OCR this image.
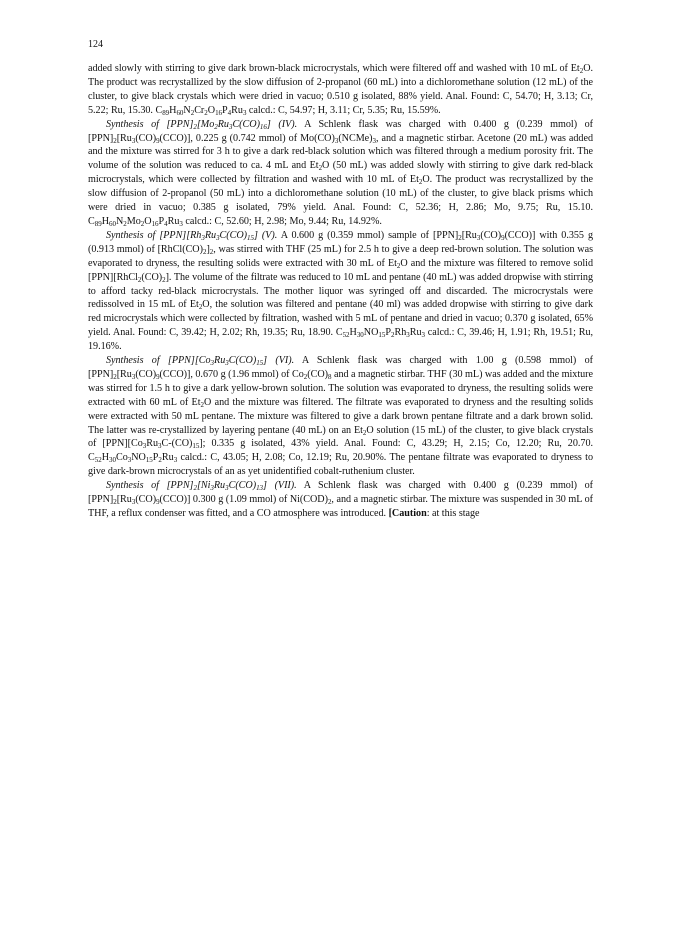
124

added slowly with stirring to give dark brown-black microcrystals, which were filtered off and washed with 10 mL of $Et_2O$. The product was recrystallized by the slow diffusion of 2-propanol (60 mL) into a dichloromethane solution (12 mL) of the cluster, to give black crystals which were dried in vacuo; 0.510 g isolated, 88% yield. Anal. Found: C, 54.70; H, 3.13; Cr, 5.22; Ru, 15.30. $C_{89}H_{60}N_2Cr_2O_{16}P_4Ru_3$ calcd.: C, 54.97; H, 3.11; Cr, 5.35; Ru, 15.59%.

Synthesis of $[PPN]_2[Mo_2Ru_3C(CO)_{16}]$ (IV). A Schlenk flask was charged with 0.400 g (0.239 mmol) of $[PPN]_2[Ru_3(CO)_9(CCO)]$, 0.225 g (0.742 mmol) of $Mo(CO)_3(NCMe)_3$, and a magnetic stirbar. Acetone (20 mL) was added and the mixture was stirred for 3 h to give a dark red-black solution which was filtered through a medium porosity frit. The volume of the solution was reduced to ca. 4 mL and $Et_2O$ (50 mL) was added slowly with stirring to give dark red-black microcrystals, which were collected by filtration and washed with 10 mL of $Et_2O$. The product was recrystallized by the slow diffusion of 2-propanol (50 mL) into a dichloromethane solution (10 mL) of the cluster, to give black prisms which were dried in vacuo; 0.385 g isolated, 79% yield. Anal. Found: C, 52.36; H, 2.86; Mo, 9.75; Ru, 15.10. $C_{89}H_{60}N_2Mo_2O_{16}P_4Ru_3$ calcd.: C, 52.60; H, 2.98; Mo, 9.44; Ru, 14.92%.

Synthesis of $[PPN][Rh_3Ru_3C(CO)_{15}]$ (V). A 0.600 g (0.359 mmol) sample of $[PPN]_2[Ru_3(CO)_9(CCO)]$ with 0.355 g (0.913 mmol) of $[RhCl(CO)_2]_2$, was stirred with THF (25 mL) for 2.5 h to give a deep red-brown solution. The solution was evaporated to dryness, the resulting solids were extracted with 30 mL of $Et_2O$ and the mixture was filtered to remove solid $[PPN][RhCl_2(CO)_2]$. The volume of the filtrate was reduced to 10 mL and pentane (40 mL) was added dropwise with stirring to afford tacky red-black microcrystals. The mother liquor was syringed off and discarded. The microcrystals were redissolved in 15 mL of $Et_2O$, the solution was filtered and pentane (40 ml) was added dropwise with stirring to give dark red microcrystals which were collected by filtration, washed with 5 mL of pentane and dried in vacuo; 0.370 g isolated, 65% yield. Anal. Found: C, 39.42; H, 2.02; Rh, 19.35; Ru, 18.90. $C_{52}H_{30}NO_{15}P_2Rh_3Ru_3$ calcd.: C, 39.46; H, 1.91; Rh, 19.51; Ru, 19.16%.

Synthesis of $[PPN][Co_3Ru_3C(CO)_{15}]$ (VI). A Schlenk flask was charged with 1.00 g (0.598 mmol) of $[PPN]_2[Ru_3(CO)_9(CCO)]$, 0.670 g (1.96 mmol) of $Co_2(CO)_8$ and a magnetic stirbar. THF (30 mL) was added and the mixture was stirred for 1.5 h to give a dark yellow-brown solution. The solution was evaporated to dryness, the resulting solids were extracted with 60 mL of $Et_2O$ and the mixture was filtered. The filtrate was evaporated to dryness and the resulting solids were extracted with 50 mL pentane. The mixture was filtered to give a dark brown pentane filtrate and a dark brown solid. The latter was re-crystallized by layering pentane (40 mL) on an $Et_2O$ solution (15 mL) of the cluster, to give black crystals of $[PPN][Co_3Ru_3C-(CO)_{15}]$; 0.335 g isolated, 43% yield. Anal. Found: C, 43.29; H, 2.15; Co, 12.20; Ru, 20.70. $C_{52}H_{30}Co_3NO_{15}P_2Ru_3$ calcd.: C, 43.05; H, 2.08; Co, 12.19; Ru, 20.90%. The pentane filtrate was evaporated to dryness to give dark-brown microcrystals of an as yet unidentified cobalt-ruthenium cluster.

Synthesis of $[PPN]_2[Ni_3Ru_3C(CO)_{13}]$ (VII). A Schlenk flask was charged with 0.400 g (0.239 mmol) of $[PPN]_2[Ru_3(CO)_9(CCO)]$ 0.300 g (1.09 mmol) of $Ni(COD)_2$, and a magnetic stirbar. The mixture was suspended in 30 mL of THF, a reflux condenser was fitted, and a CO atmosphere was introduced. [Caution: at this stage
